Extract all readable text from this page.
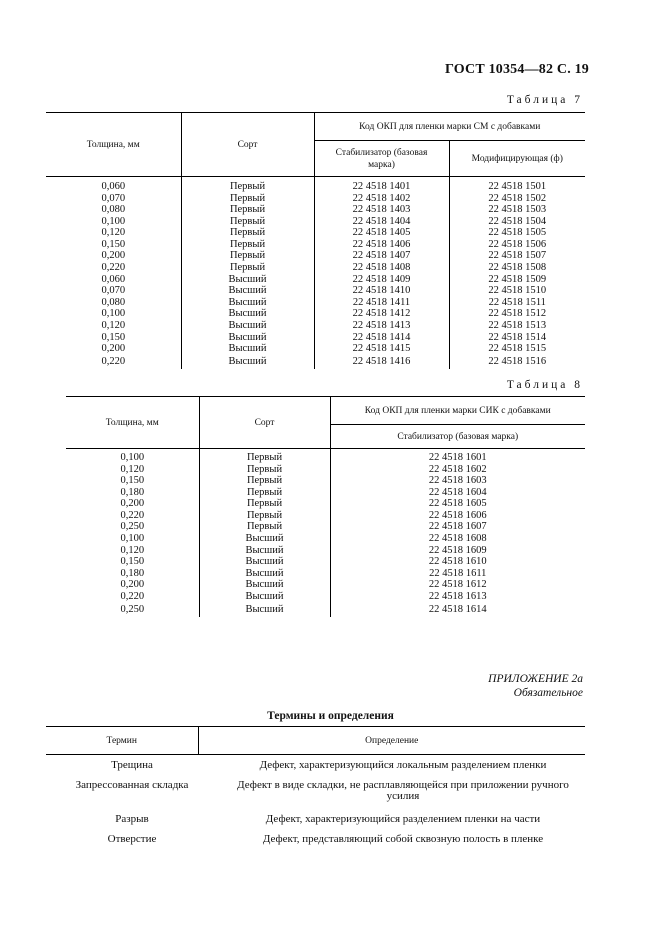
ГОСТ 10354—82 С. 19
Таблица 7
Толщина, мм	Сорт	Код ОКП для пленки марки СМ с добавками	
		Стабилизатор (базовая марка)	Модифицирующая (ф)
0,060	Первый	22 4518 1401	22 4518 1501
0,070	Первый	22 4518 1402	22 4518 1502
0,080	Первый	22 4518 1403	22 4518 1503
0,100	Первый	22 4518 1404	22 4518 1504
0,120	Первый	22 4518 1405	22 4518 1505
0,150	Первый	22 4518 1406	22 4518 1506
0,200	Первый	22 4518 1407	22 4518 1507
0,220	Первый	22 4518 1408	22 4518 1508
0,060	Высший	22 4518 1409	22 4518 1509
0,070	Высший	22 4518 1410	22 4518 1510
0,080	Высший	22 4518 1411	22 4518 1511
0,100	Высший	22 4518 1412	22 4518 1512
0,120	Высший	22 4518 1413	22 4518 1513
0,150	Высший	22 4518 1414	22 4518 1514
0,200	Высший	22 4518 1415	22 4518 1515
0,220	Высший	22 4518 1416	22 4518 1516
Таблица 8
Толщина, мм	Сорт	Код ОКП для пленки марки СИК с добавками
		Стабилизатор (базовая марка)
0,100	Первый	22 4518 1601
0,120	Первый	22 4518 1602
0,150	Первый	22 4518 1603
0,180	Первый	22 4518 1604
0,200	Первый	22 4518 1605
0,220	Первый	22 4518 1606
0,250	Первый	22 4518 1607
0,100	Высший	22 4518 1608
0,120	Высший	22 4518 1609
0,150	Высший	22 4518 1610
0,180	Высший	22 4518 1611
0,200	Высший	22 4518 1612
0,220	Высший	22 4518 1613
0,250	Высший	22 4518 1614
ПРИЛОЖЕНИЕ 2а
Обязательное
Термины и определения
Термин	Определение
Трещина	Дефект, характеризующийся локальным разделением пленки
Запрессованная складка	Дефект в виде складки, не расплавляющейся при приложении ручного усилия
Разрыв	Дефект, характеризующийся разделением пленки на части
Отверстие	Дефект, представляющий собой сквозную полость в пленке
